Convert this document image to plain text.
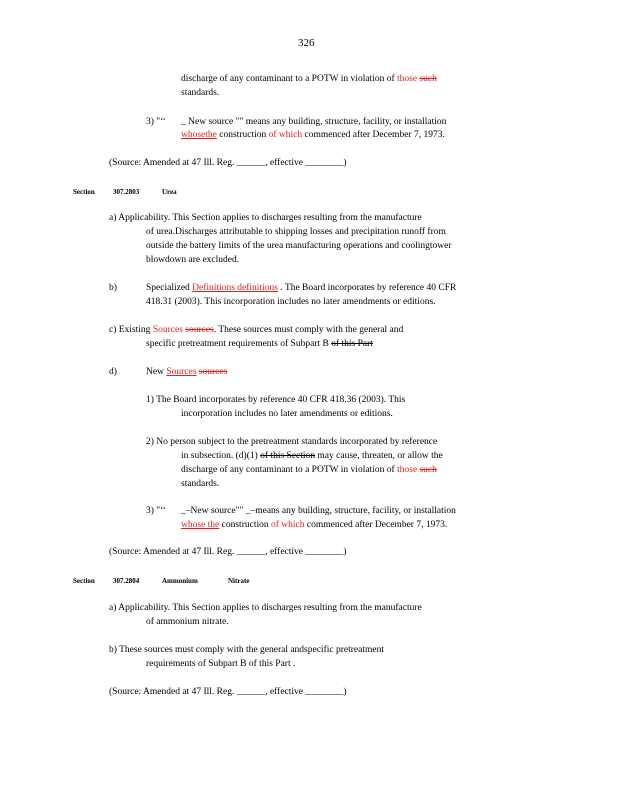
326
discharge of any contaminant to a POTW in violation of those such
standards.
3) "‘‘ _ New source "" means any building, structure, facility, or installation
whosethe construction of which commenced after December 7, 1973.
(Source: Amended at 47 Ill. Reg. ______, effective ________)
Section	307.2803	Urea
a) Applicability. This Section applies to discharges resulting from the manufacture
of urea.Discharges attributable to shipping losses and precipitation runoff from
outside the battery limits of the urea manufacturing operations and coolingtower
blowdown are excluded.
b)	Specialized Definitions definitions . The Board incorporates by reference 40 CFR
418.31 (2003). This incorporation includes no later amendments or editions.
c) Existing Sources sources. These sources must comply with the general and
specific pretreatment requirements of Subpart B of this Part
d)	New Sources sources
1) The Board incorporates by reference 40 CFR 418.36 (2003). This
incorporation includes no later amendments or editions.
2) No person subject to the pretreatment standards incorporated by reference
in subsection. (d)(1) of this Section may cause, threaten, or allow the
discharge of any contaminant to a POTW in violation of those such
standards.
3) "‘‘ _–New source"" _–means any building, structure, facility, or installation
whose the construction of which commenced after December 7, 1973.
(Source: Amended at 47 Ill. Reg. ______, effective ________)
Section	307.2804	Ammonium	Nitrate
a) Applicability. This Section applies to discharges resulting from the manufacture
of ammonium nitrate.
b) These sources must comply with the general andspecific pretreatment
requirements of Subpart B of this Part .
(Source: Amended at 47 Ill. Reg. ______, effective ________)
